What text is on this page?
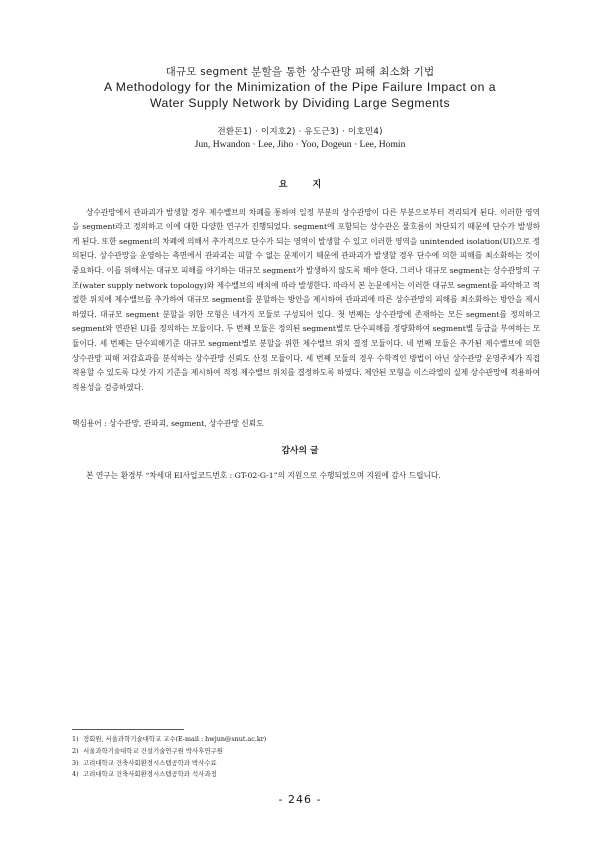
대규모 segment 분할을 통한 상수관망 피해 최소화 기법
A Methodology for the Minimization of the Pipe Failure Impact on a Water Supply Network by Dividing Large Segments
전환돈1) · 이지호2) · 유도근3) · 이호민4)
Jun, Hwandon · Lee, Jiho · Yoo, Dogeun · Lee, Homin
요 지

상수관망에서 관파괴가 발생할 경우 제수밸브의 차폐를 통하여 일정 부분의 상수관망이 다른 부분으로부터 격리되게 된다. 이러한 영역을 segment라고 정의하고 이에 대한 다양한 연구가 진행되었다. segment에 포함되는 상수관은 물흐름이 차단되기 때문에 단수가 발생하게 된다. 또한 segment의 차폐에 의해서 추가적으로 단수가 되는 영역이 발생할 수 있고 이러한 영역을 unintended isolation(UI)으로 정의된다. 상수관망을 운영하는 측면에서 관파괴는 피할 수 없는 문제이기 때문에 관파괴가 발생할 경우 단수에 의한 피해를 최소화하는 것이 중요하다. 이를 위해서는 대규모 피해를 야기하는 대규모 segment가 발생하지 않도록 해야 한다. 그러나 대규모 segment는 상수관망의 구조(water supply network topology)와 제수밸브의 배치에 따라 발생한다. 따라서 본 논문에서는 이러한 대규모 segment를 파악하고 적절한 위치에 제수밸브를 추가하여 대규모 segment를 분할하는 방안을 제시하여 관파괴에 따른 상수관망의 피해를 최소화하는 방안을 제시하였다. 대규모 segment 분할을 위한 모형은 네가지 모듈로 구성되어 있다. 첫 번째는 상수관망에 존재하는 모든 segment를 정의하고 segment와 연관된 UI를 정의하는 모듈이다. 두 번째 모듈은 정의된 segment별로 단수피해를 정량화하여 segment별 등급을 부여하는 모듈이다. 세 번째는 단수피해기준 대규모 segment별로 분할을 위한 제수밸브 위치 결정 모듈이다. 네 번째 모듈은 추가된 제수밸브에 의한 상수관망 피해 저감효과를 분석하는 상수관망 신뢰도 산정 모듈이다. 세 번째 모듈의 경우 수학적인 방법이 아닌 상수관망 운영주체가 직접 적용할 수 있도록 다섯 가지 기준을 제시하여 적정 제수밸브 위치를 결정하도록 하였다. 제안된 모형을 이스라엘의 실제 상수관망에 적용하여 적용성을 검증하였다.

핵심용어 : 상수관망, 관파괴, segment, 상수관망 신뢰도
감사의 글
본 연구는 환경부 “차세대 EI사업코드번호 : GT-02-G-1”의 지원으로 수행되었으며 지원에 감사 드립니다.
1) 정회원, 서울과학기술대학교 교수(E-mail : hwjun@snut.ac.kr)
2) 서울과학기술대학교 건설기술연구원 박사후연구원
3) 고려대학교 건축사회환경시스템공학과 박사수료
4) 고려대학교 건축사회환경시스템공학과 석사과정
- 246 -
